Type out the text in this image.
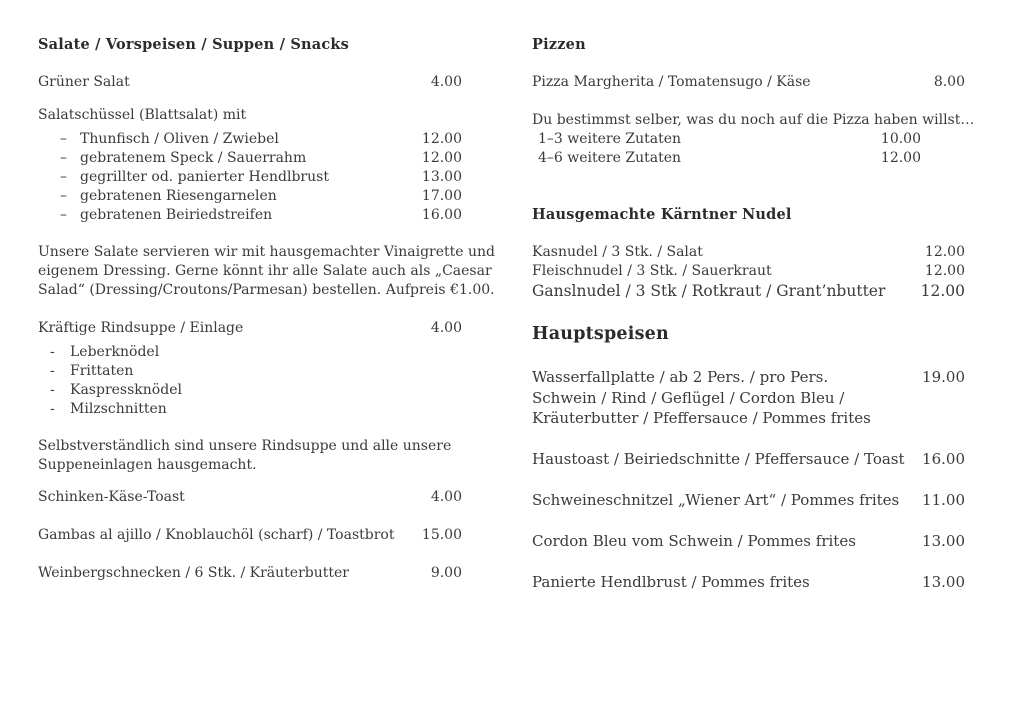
Salate / Vorspeisen / Suppen / Snacks
Grüner Salat	4.00
Salatschüssel (Blattsalat) mit
– Thunfisch / Oliven / Zwiebel	12.00
– gebratenem Speck / Sauerrahm	12.00
– gegrillter od. panierter Hendlbrust	13.00
– gebratenen Riesengarnelen	17.00
– gebratenen Beiriedstreifen	16.00
Unsere Salate servieren wir mit hausgemachter Vinaigrette und
eigenem Dressing. Gerne könnt ihr alle Salate auch als „Caesar
Salad“ (Dressing/Croutons/Parmesan) bestellen. Aufpreis €1.00.
Kräftige Rindsuppe / Einlage	4.00
-	Leberknödel
-	Frittaten
-	Kaspressknödel
-	Milzschnitten
Selbstverständlich sind unsere Rindsuppe und alle unsere
Suppeneinlagen hausgemacht.
Schinken-Käse-Toast	4.00
Gambas al ajillo / Knoblauchöl (scharf) / Toastbrot	15.00
Weinbergschnecken / 6 Stk. / Kräuterbutter	9.00
Pizzen
Pizza Margherita / Tomatensugo / Käse	8.00
Du bestimmst selber, was du noch auf die Pizza haben willst…
1–3 weitere Zutaten	10.00
4–6 weitere Zutaten	12.00
Hausgemachte Kärntner Nudel
Kasnudel / 3 Stk. / Salat	12.00
Fleischnudel / 3 Stk. / Sauerkraut	12.00
Ganslnudel / 3 Stk / Rotkraut / Grant’nbutter 12.00
Hauptspeisen
Wasserfallplatte / ab 2 Pers. / pro Pers.	19.00
Schwein / Rind / Geflügel / Cordon Bleu /
Kräuterbutter / Pfeffersauce / Pommes frites
Haustoast / Beiriedschnitte / Pfeffersauce / Toast 16.00
Schweineschnitzel „Wiener Art“ / Pommes frites 11.00
Cordon Bleu vom Schwein / Pommes frites	13.00
Panierte Hendlbrust / Pommes frites	13.00
